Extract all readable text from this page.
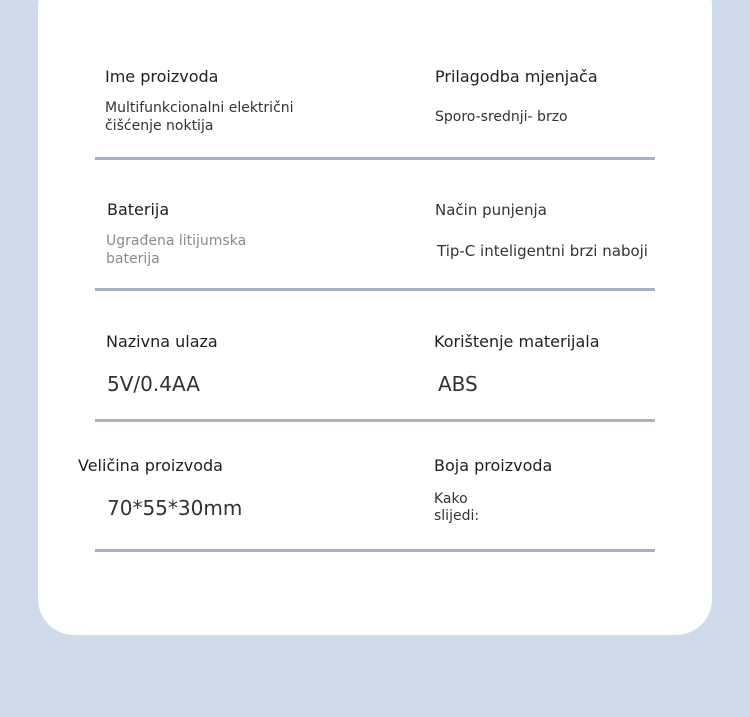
Ime proizvoda
Multifunkcionalni električni
čišćenje noktija
Prilagodba mjenjača
Sporo-srednji- brzo
Baterija
Ugrađena litijumska
baterija
Način punjenja
Tip-C inteligentni brzi naboji
Nazivna ulaza
5V/0.4AA
Korištenje materijala
ABS
Veličina proizvoda
70*55*30mm
Boja proizvoda
Kako
slijedi:
